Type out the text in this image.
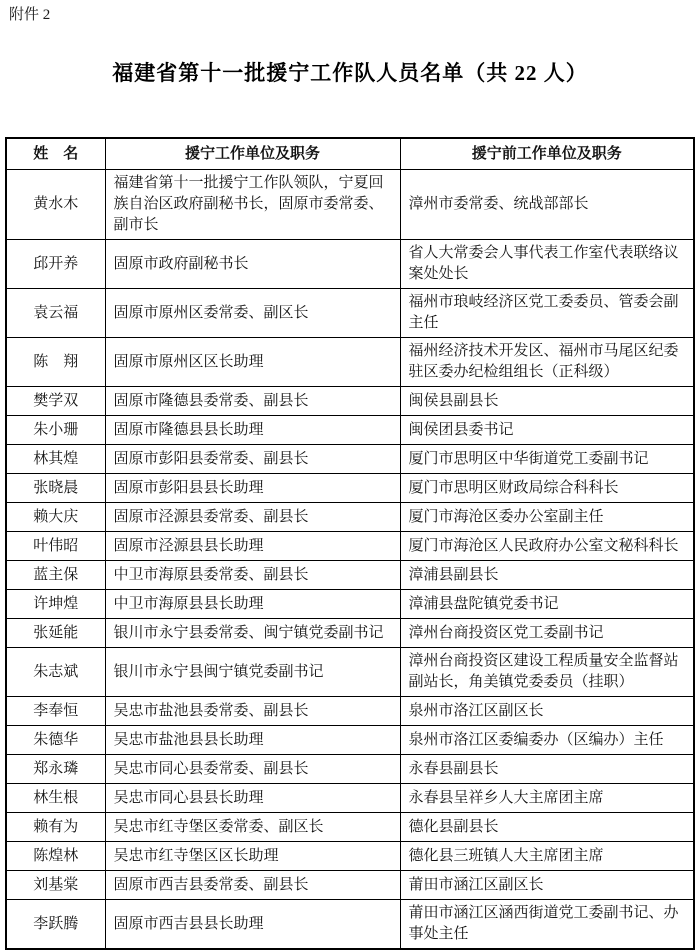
附件 2
福建省第十一批援宁工作队人员名单（共 22 人）
姓　名	援宁工作单位及职务	援宁前工作单位及职务
黄水木	福建省第十一批援宁工作队领队，宁夏回族自治区政府副秘书长，固原市委常委、副市长	漳州市委常委、统战部部长
邱开养	固原市政府副秘书长	省人大常委会人事代表工作室代表联络议案处处长
袁云福	固原市原州区委常委、副区长	福州市琅岐经济区党工委委员、管委会副主任
陈　翔	固原市原州区区长助理	福州经济技术开发区、福州市马尾区纪委驻区委办纪检组组长（正科级）
樊学双	固原市隆德县委常委、副县长	闽侯县副县长
朱小珊	固原市隆德县县长助理	闽侯团县委书记
林其煌	固原市彭阳县委常委、副县长	厦门市思明区中华街道党工委副书记
张晓晨	固原市彭阳县县长助理	厦门市思明区财政局综合科科长
赖大庆	固原市泾源县委常委、副县长	厦门市海沧区委办公室副主任
叶伟昭	固原市泾源县县长助理	厦门市海沧区人民政府办公室文秘科科长
蓝主保	中卫市海原县委常委、副县长	漳浦县副县长
许坤煌	中卫市海原县县长助理	漳浦县盘陀镇党委书记
张延能	银川市永宁县委常委、闽宁镇党委副书记	漳州台商投资区党工委副书记
朱志斌	银川市永宁县闽宁镇党委副书记	漳州台商投资区建设工程质量安全监督站副站长，角美镇党委委员（挂职）
李奉恒	吴忠市盐池县委常委、副县长	泉州市洛江区副区长
朱德华	吴忠市盐池县县长助理	泉州市洛江区委编委办（区编办）主任
郑永璘	吴忠市同心县委常委、副县长	永春县副县长
林生根	吴忠市同心县县长助理	永春县呈祥乡人大主席团主席
赖有为	吴忠市红寺堡区委常委、副区长	德化县副县长
陈煌林	吴忠市红寺堡区区长助理	德化县三班镇人大主席团主席
刘基棠	固原市西吉县委常委、副县长	莆田市涵江区副区长
李跃腾	固原市西吉县县长助理	莆田市涵江区涵西街道党工委副书记、办事处主任
